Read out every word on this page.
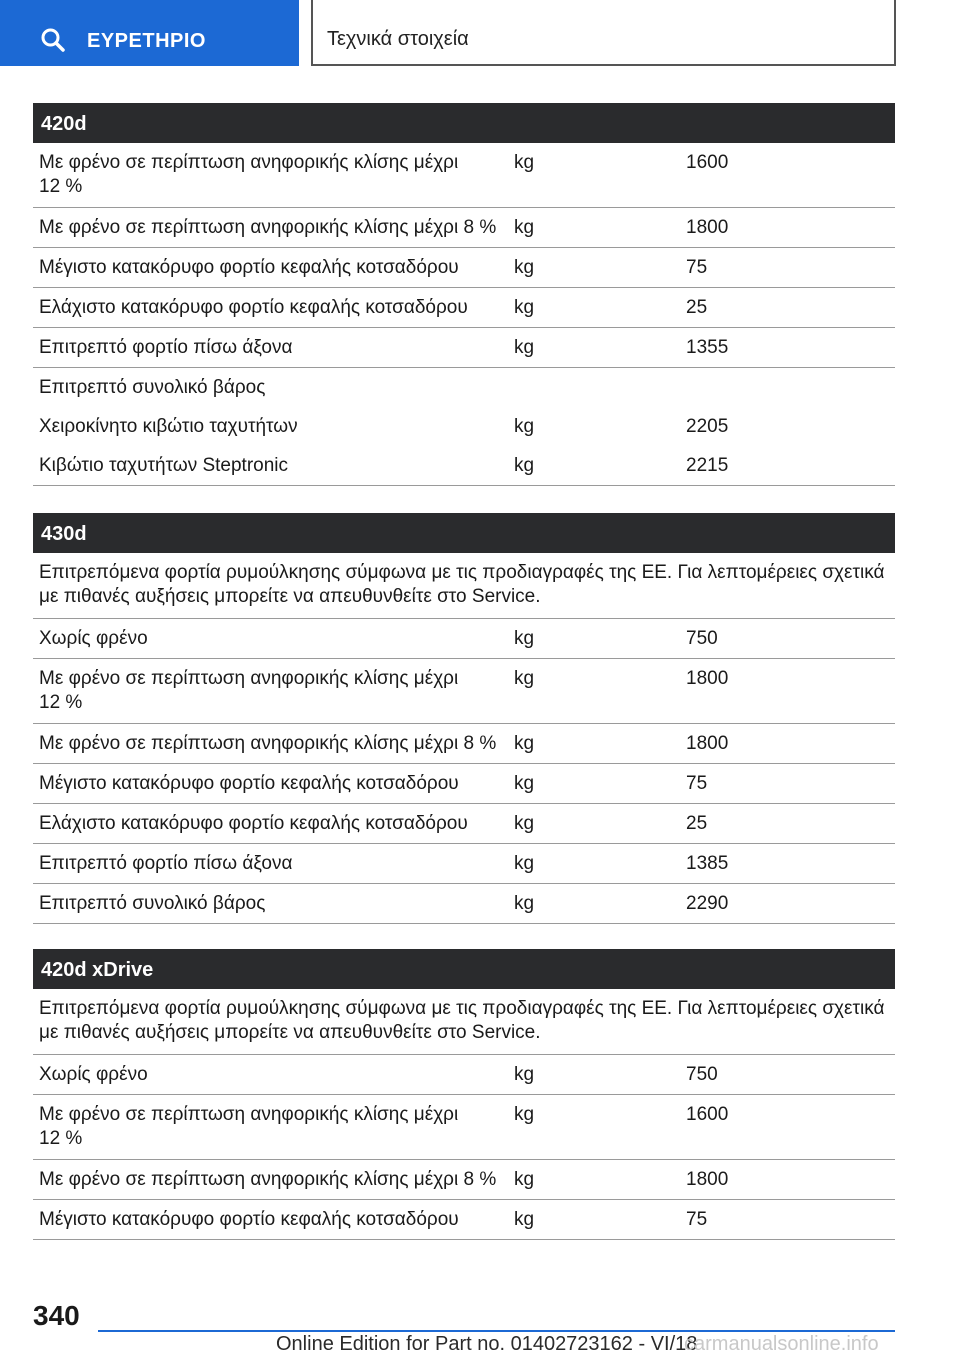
ΕΥΡΕΤΗΡΙΟ	Τεχνικά στοιχεία
420d
Με φρένο σε περίπτωση ανηφορικής κλίσης μέχρι 12 %
kg	1600
Με φρένο σε περίπτωση ανηφορικής κλίσης μέχρι 8 % kg	1800
Μέγιστο κατακόρυφο φορτίο κεφαλής κοτσαδόρου	kg	75
Ελάχιστο κατακόρυφο φορτίο κεφαλής κοτσαδόρου	kg	25
Επιτρεπτό φορτίο πίσω άξονα	kg	1355
Επιτρεπτό συνολικό βάρος
Χειροκίνητο κιβώτιο ταχυτήτων	kg	2205
Κιβώτιο ταχυτήτων Steptronic	kg	2215
430d
Επιτρεπόμενα φορτία ρυμούλκησης σύμφωνα με τις προδιαγραφές της ΕΕ. Για λεπτομέρειες σχετικά με πιθανές αυξήσεις μπορείτε να απευθυνθείτε στο Service.
Χωρίς φρένο	kg	750
Με φρένο σε περίπτωση ανηφορικής κλίσης μέχρι 12 %
kg	1800
Με φρένο σε περίπτωση ανηφορικής κλίσης μέχρι 8 % kg	1800
Μέγιστο κατακόρυφο φορτίο κεφαλής κοτσαδόρου	kg	75
Ελάχιστο κατακόρυφο φορτίο κεφαλής κοτσαδόρου	kg	25
Επιτρεπτό φορτίο πίσω άξονα	kg	1385
Επιτρεπτό συνολικό βάρος	kg	2290
420d xDrive
Επιτρεπόμενα φορτία ρυμούλκησης σύμφωνα με τις προδιαγραφές της ΕΕ. Για λεπτομέρειες σχετικά με πιθανές αυξήσεις μπορείτε να απευθυνθείτε στο Service.
Χωρίς φρένο	kg	750
Με φρένο σε περίπτωση ανηφορικής κλίσης μέχρι 12 %
kg	1600
Με φρένο σε περίπτωση ανηφορικής κλίσης μέχρι 8 % kg	1800
Μέγιστο κατακόρυφο φορτίο κεφαλής κοτσαδόρου	kg	75
340
Online Edition for Part no. 01402723162 - VI/18
carmanualsonline.info
